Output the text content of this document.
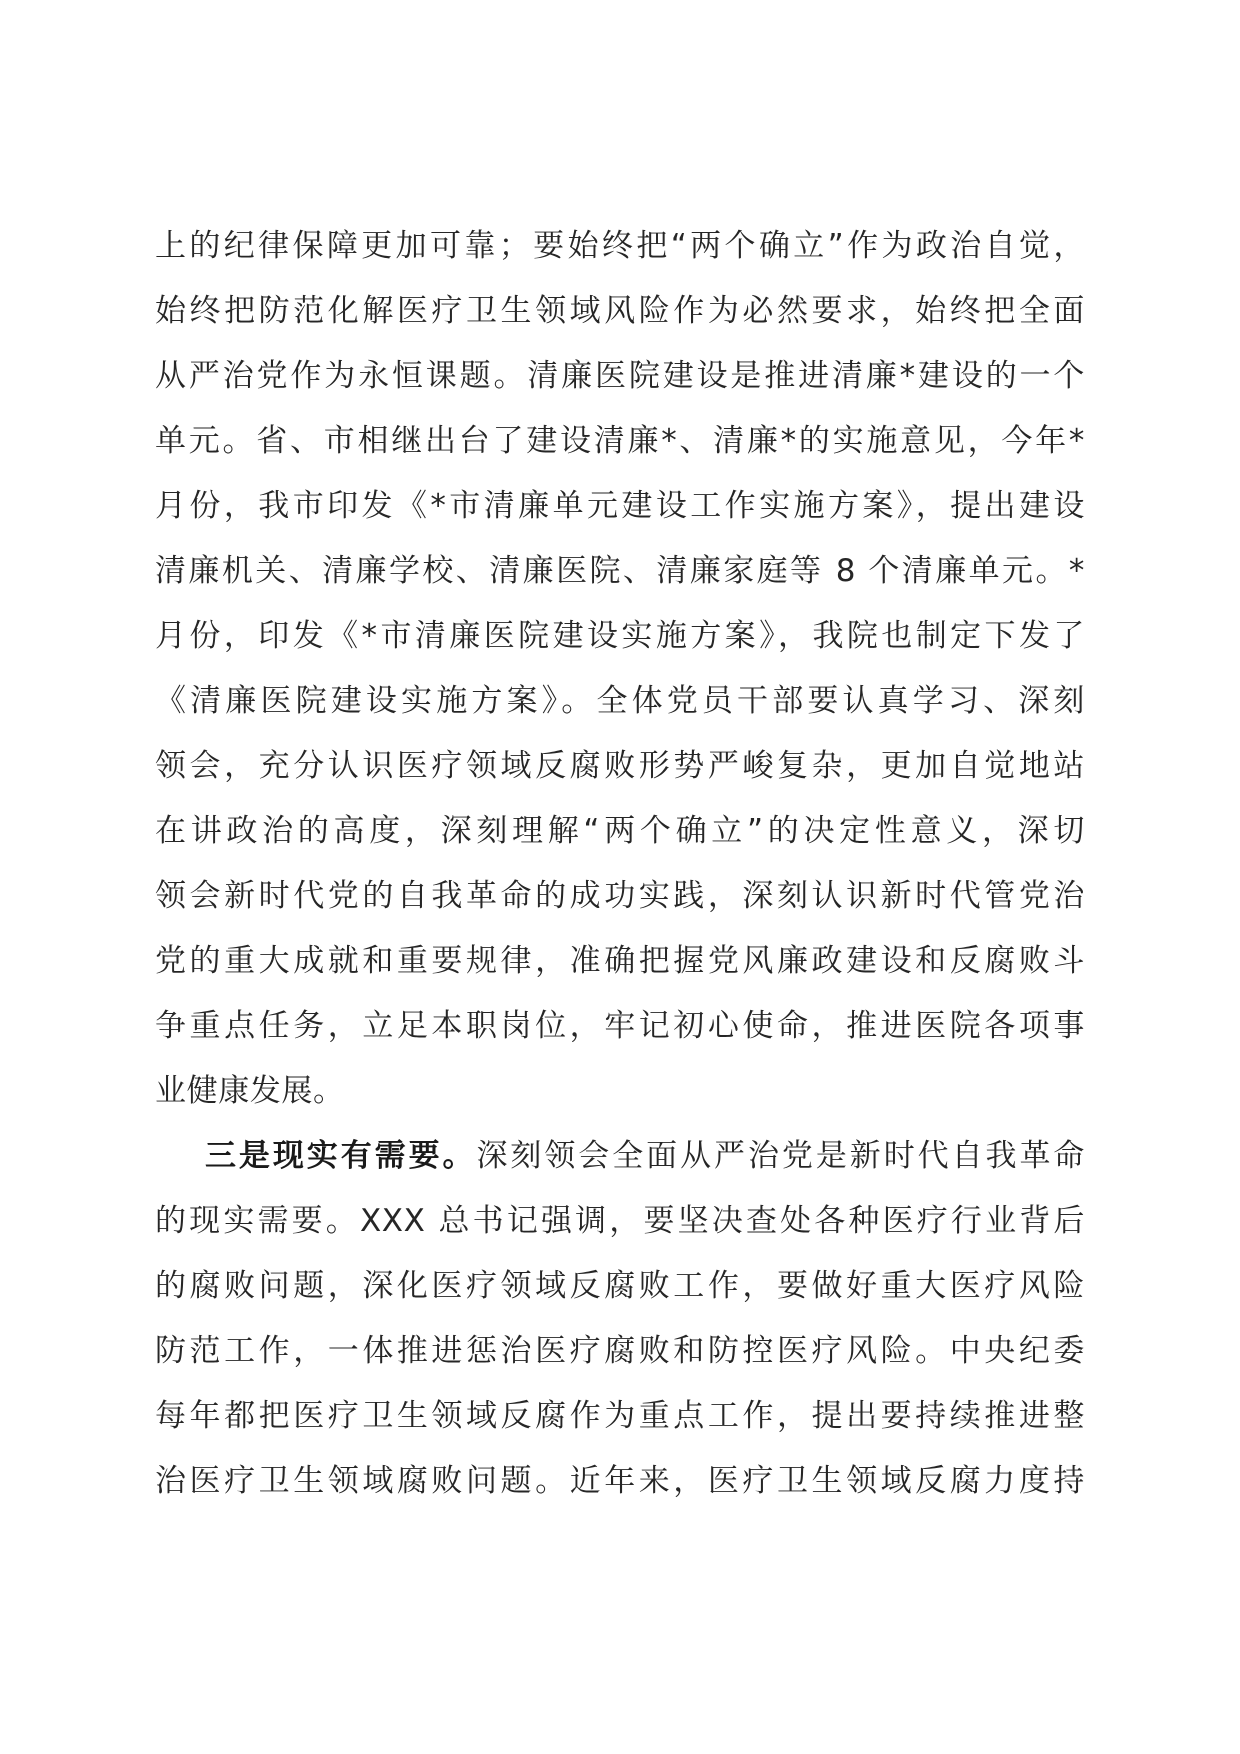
上的纪律保障更加可靠；要始终把“两个确立”作为政治自觉，
始终把防范化解医疗卫生领域风险作为必然要求，始终把全面
从严治党作为永恒课题。清廉医院建设是推进清廉*建设的一个
单元。省、市相继出台了建设清廉*、清廉*的实施意见，今年*
月份，我市印发《*市清廉单元建设工作实施方案》，提出建设
清廉机关、清廉学校、清廉医院、清廉家庭等 8 个清廉单元。*
月份，印发《*市清廉医院建设实施方案》，我院也制定下发了
《清廉医院建设实施方案》。全体党员干部要认真学习、深刻
领会，充分认识医疗领域反腐败形势严峻复杂，更加自觉地站
在讲政治的高度，深刻理解“两个确立”的决定性意义，深切
领会新时代党的自我革命的成功实践，深刻认识新时代管党治
党的重大成就和重要规律，准确把握党风廉政建设和反腐败斗
争重点任务，立足本职岗位，牢记初心使命，推进医院各项事
业健康发展。
三是现实有需要。深刻领会全面从严治党是新时代自我革命
的现实需要。XXX 总书记强调，要坚决查处各种医疗行业背后
的腐败问题，深化医疗领域反腐败工作，要做好重大医疗风险
防范工作，一体推进惩治医疗腐败和防控医疗风险。中央纪委
每年都把医疗卫生领域反腐作为重点工作，提出要持续推进整
治医疗卫生领域腐败问题。近年来，医疗卫生领域反腐力度持
